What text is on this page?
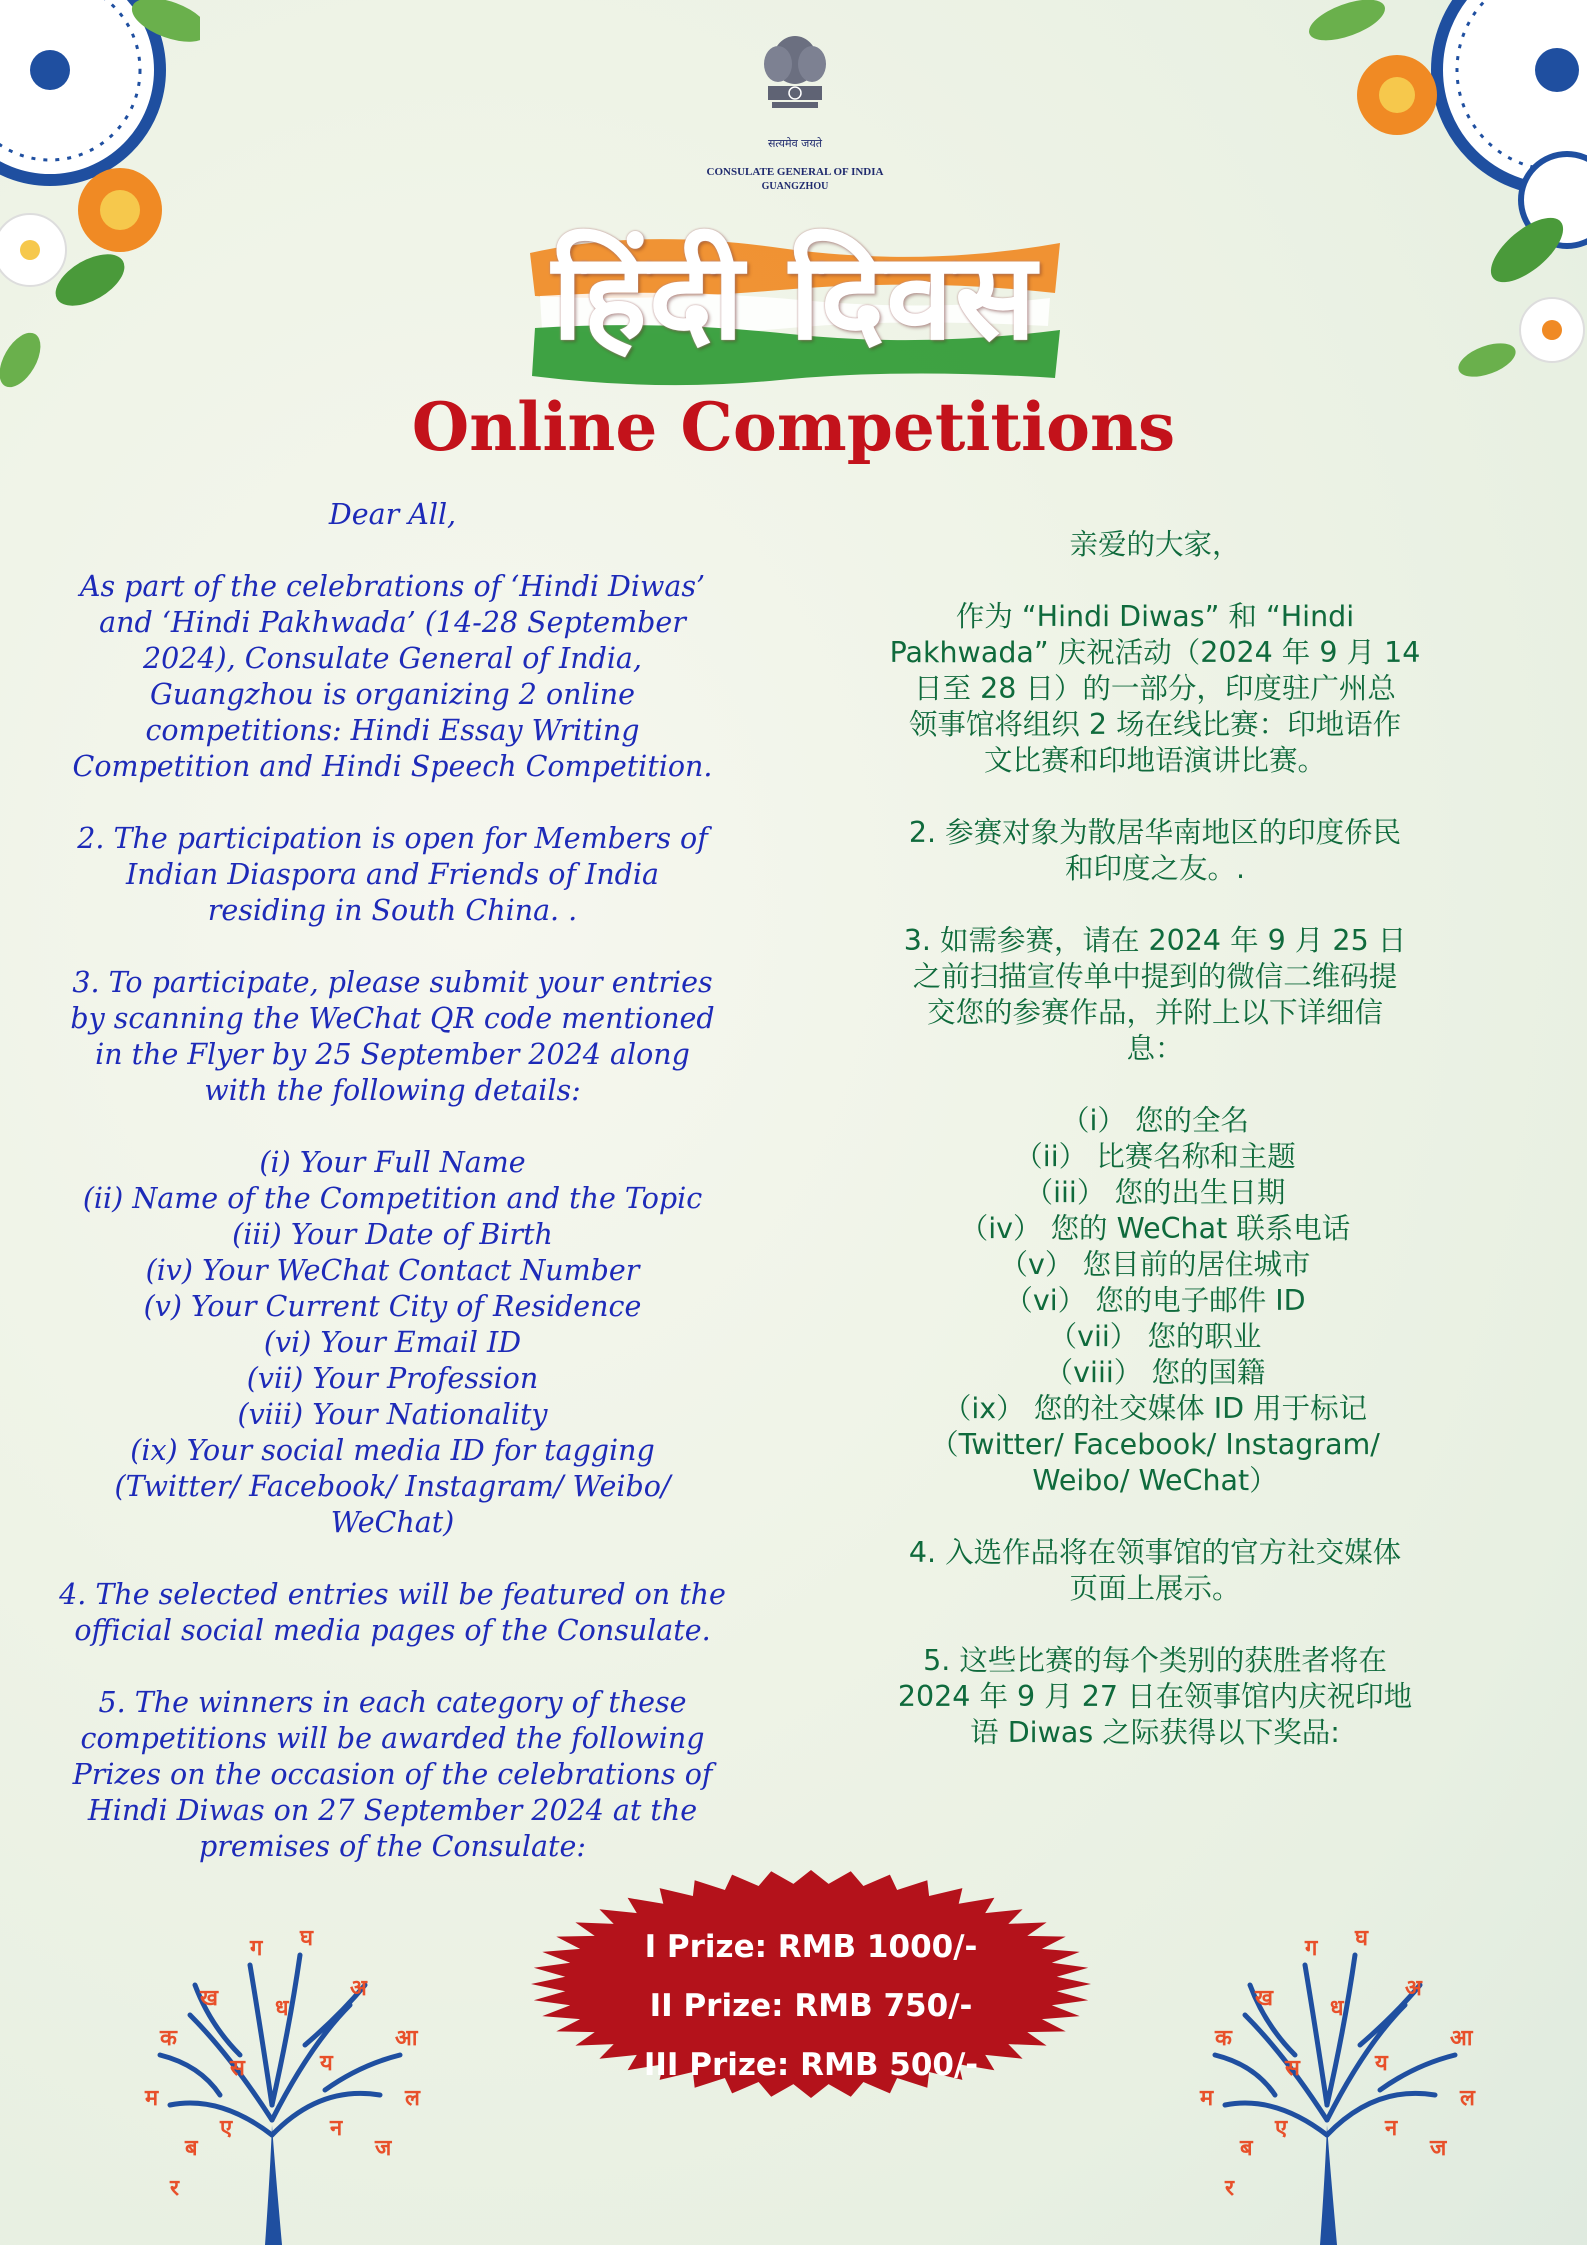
सत्यमेव जयते
CONSULATE GENERAL OF INDIA
GUANGZHOU
हिंदी दिवस
Online Competitions
Dear All,
As part of the celebrations of ‘Hindi Diwas’
and ‘Hindi Pakhwada’ (14-28 September
2024), Consulate General of India,
Guangzhou is organizing 2 online
competitions: Hindi Essay Writing
Competition and Hindi Speech Competition.
2. The participation is open for Members of
Indian Diaspora and Friends of India
residing in South China. .
3. To participate, please submit your entries
by scanning the WeChat QR code mentioned
in the Flyer by 25 September 2024 along
with the following details:
(i) Your Full Name
(ii) Name of the Competition and the Topic
(iii) Your Date of Birth
(iv) Your WeChat Contact Number
(v) Your Current City of Residence
(vi) Your Email ID
(vii) Your Profession
(viii) Your Nationality
(ix) Your social media ID for tagging
(Twitter/ Facebook/ Instagram/ Weibo/
WeChat)
4. The selected entries will be featured on the
official social media pages of the Consulate.
5. The winners in each category of these
competitions will be awarded the following
Prizes on the occasion of the celebrations of
Hindi Diwas on 27 September 2024 at the
premises of the Consulate:
亲爱的大家，
作为 “Hindi Diwas” 和 “Hindi
Pakhwada” 庆祝活动（2024 年 9 月 14
日至 28 日）的一部分，印度驻广州总
领事馆将组织 2 场在线比赛：印地语作
文比赛和印地语演讲比赛。
2. 参赛对象为散居华南地区的印度侨民
和印度之友。.
3. 如需参赛，请在 2024 年 9 月 25 日
之前扫描宣传单中提到的微信二维码提
交您的参赛作品，并附上以下详细信
息：
（i） 您的全名
（ii） 比赛名称和主题
（iii） 您的出生日期
（iv） 您的 WeChat 联系电话
（v） 您目前的居住城市
（vi） 您的电子邮件 ID
（vii） 您的职业
（viii） 您的国籍
（ix） 您的社交媒体 ID 用于标记
（Twitter/ Facebook/ Instagram/
Weibo/ WeChat）
4. 入选作品将在领事馆的官方社交媒体
页面上展示。
5. 这些比赛的每个类别的获胜者将在
2024 年 9 月 27 日在领事馆内庆祝印地
语 Diwas 之际获得以下奖品:
I Prize: RMB 1000/-
II Prize: RMB 750/-
III Prize: RMB 500/-
क
ख
ग घ
अ
आ
म	ल
ब	ज
स	य
ध
ए	न
र
क
ख
ग घ
अ
आ
म	ल
ब	ज
स	य
ध
ए	न
र
